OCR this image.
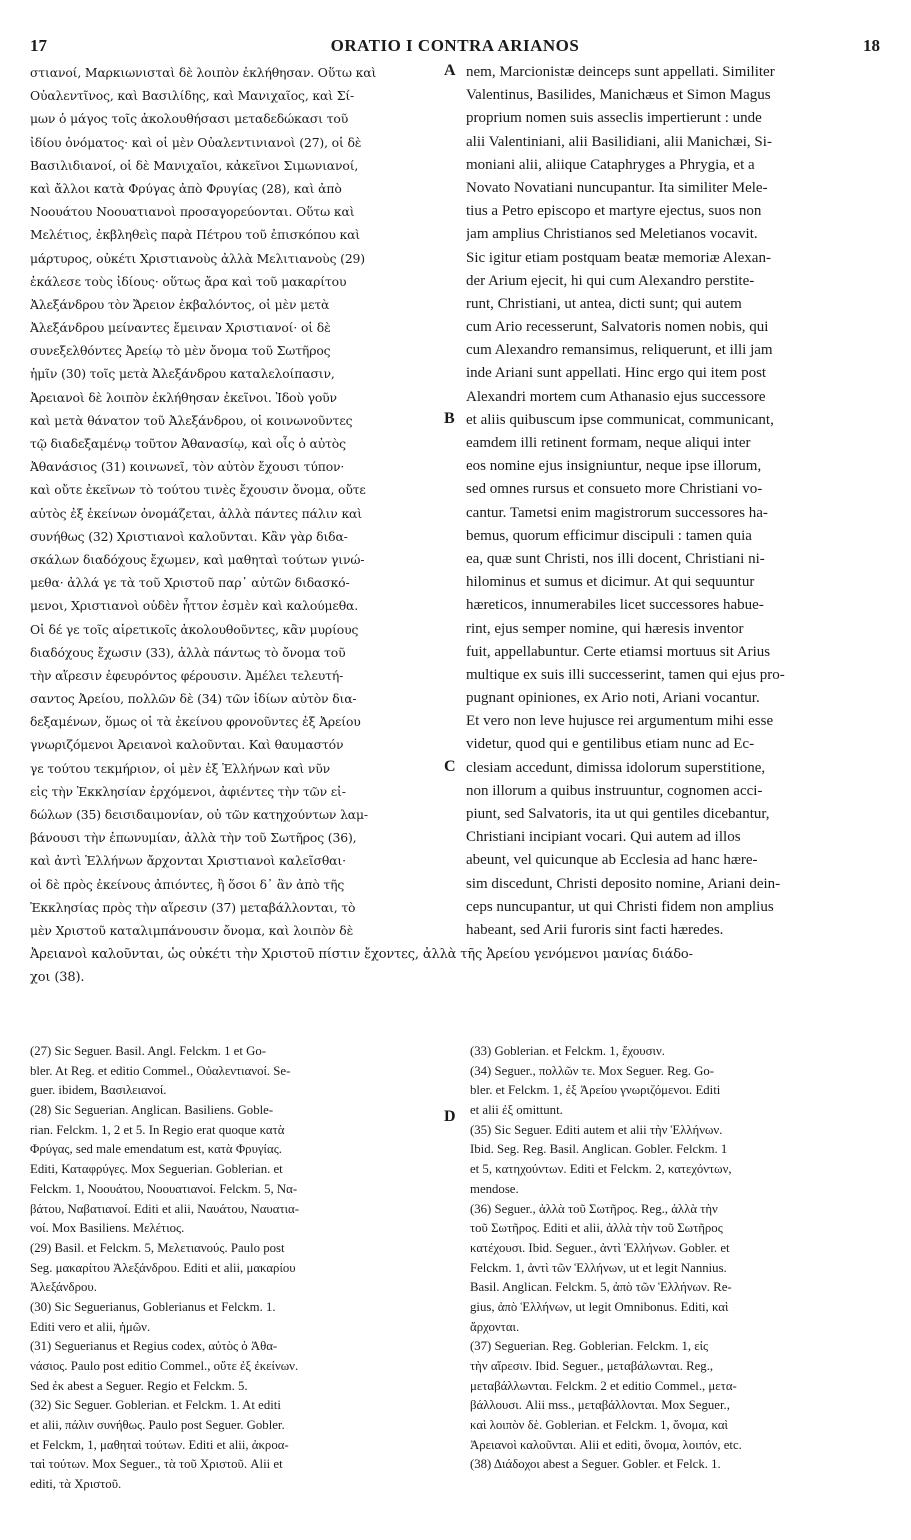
17	ORATIO I CONTRA ARIANOS	18
στιανοί, Μαρκιωνισταὶ δὲ λοιπὸν ἐκλήθησαν. Οὕτω καὶ
Οὐαλεντῖνος, καὶ Βασιλίδης, καὶ Μανιχαῖος, καὶ Σί-
μων ὁ μάγος τοῖς ἀκολουθήσασι μεταδεδώκασι τοῦ
ἰδίου ὀνόματος· καὶ οἱ μὲν Οὐαλεντινιανοὶ (27), οἱ δὲ
Βασιλιδιανοί, οἱ δὲ Μανιχαῖοι, κἀκεῖνοι Σιμωνιανοί,
καὶ ἄλλοι κατὰ Φρύγας ἀπὸ Φρυγίας (28), καὶ ἀπὸ
Νοουάτου Νοουατιανοὶ προσαγορεύονται. Οὕτω καὶ
Μελέτιος, ἐκβληθεὶς παρὰ Πέτρου τοῦ ἐπισκόπου καὶ
μάρτυρος, οὐκέτι Χριστιανοὺς ἀλλὰ Μελιτιανοὺς (29)
ἐκάλεσε τοὺς ἰδίους· οὕτως ἄρα καὶ τοῦ μακαρίτου
Ἀλεξάνδρου τὸν Ἄρειον ἐκβαλόντος, οἱ μὲν μετὰ
Ἀλεξάνδρου μείναντες ἔμειναν Χριστιανοί· οἱ δὲ
συνεξελθόντες Ἀρείῳ τὸ μὲν ὄνομα τοῦ Σωτῆρος
ἡμῖν (30) τοῖς μετὰ Ἀλεξάνδρου καταλελοίπασιν,
Ἀρειανοὶ δὲ λοιπὸν ἐκλήθησαν ἐκεῖνοι. Ἰδοὺ γοῦν
καὶ μετὰ θάνατον τοῦ Ἀλεξάνδρου, οἱ κοινωνοῦντες
τῷ διαδεξαμένῳ τοῦτον Ἀθανασίῳ, καὶ οἷς ὁ αὐτὸς
Ἀθανάσιος (31) κοινωνεῖ, τὸν αὐτὸν ἔχουσι τύπον·
καὶ οὔτε ἐκεῖνων τὸ τούτου τινὲς ἔχουσιν ὄνομα, οὔτε
αὐτὸς ἐξ ἐκείνων ὀνομάζεται, ἀλλὰ πάντες πάλιν καὶ
συνήθως (32) Χριστιανοὶ καλοῦνται. Κἂν γὰρ διδα-
σκάλων διαδόχους ἔχωμεν, καὶ μαθηταὶ τούτων γινώ-
μεθα· ἀλλά γε τὰ τοῦ Χριστοῦ παρ᾽ αὐτῶν διδασκό-
μενοι, Χριστιανοὶ οὐδὲν ἧττον ἐσμὲν καὶ καλούμεθα.
Οἱ δέ γε τοῖς αἱρετικοῖς ἀκολουθοῦντες, κἂν μυρίους
διαδόχους ἔχωσιν (33), ἀλλὰ πάντως τὸ ὄνομα τοῦ
τὴν αἵρεσιν ἐφευρόντος φέρουσιν. Ἀμέλει τελευτή-
σαντος Ἀρείου, πολλῶν δὲ (34) τῶν ἰδίων αὐτὸν δια-
δεξαμένων, ὅμως οἱ τὰ ἐκείνου φρονοῦντες ἐξ Ἀρείου
γνωριζόμενοι Ἀρειανοὶ καλοῦνται. Καὶ θαυμαστόν
γε τούτου τεκμήριον, οἱ μὲν ἐξ Ἑλλήνων καὶ νῦν
εἰς τὴν Ἐκκλησίαν ἐρχόμενοι, ἀφιέντες τὴν τῶν εἰ-
δώλων (35) δεισιδαιμονίαν, οὐ τῶν κατηχούντων λαμ-
βάνουσι τὴν ἐπωνυμίαν, ἀλλὰ τὴν τοῦ Σωτῆρος (36),
καὶ ἀντὶ Ἑλλήνων ἄρχονται Χριστιανοὶ καλεῖσθαι·
οἱ δὲ πρὸς ἐκείνους ἀπιόντες, ἢ ὅσοι δ᾽ ἂν ἀπὸ τῆς
Ἐκκλησίας πρὸς τὴν αἵρεσιν (37) μεταβάλλονται, τὸ
μὲν Χριστοῦ καταλιμπάνουσιν ὄνομα, καὶ λοιπὸν δὲ
nem, Marcionistæ deinceps sunt appellati. Similiter
Valentinus, Basilides, Manichæus et Simon Magus
proprium nomen suis asseclis impertierunt : unde
alii Valentiniani, alii Basilidiani, alii Manichæi, Si-
moniani alii, aliique Cataphryges a Phrygia, et a
Novato Novatiani nuncupantur. Ita similiter Mele-
tius a Petro episcopo et martyre ejectus, suos non
jam amplius Christianos sed Meletianos vocavit.
Sic igitur etiam postquam beatæ memoriæ Alexan-
der Arium ejecit, hi qui cum Alexandro perstite-
runt, Christiani, ut antea, dicti sunt; qui autem
cum Ario recesserunt, Salvatoris nomen nobis, qui
cum Alexandro remansimus, reliquerunt, et illi jam
inde Ariani sunt appellati. Hinc ergo qui item post
Alexandri mortem cum Athanasio ejus successore
et aliis quibuscum ipse communicat, communicant,
eamdem illi retinent formam, neque aliqui inter
eos nomine ejus insigniuntur, neque ipse illorum,
sed omnes rursus et consueto more Christiani vo-
cantur. Tametsi enim magistrorum successores ha-
bemus, quorum efficimur discipuli : tamen quia
ea, quæ sunt Christi, nos illi docent, Christiani ni-
hilominus et sumus et dicimur. At qui sequuntur
hæreticos, innumerabiles licet successores habue-
rint, ejus semper nomine, qui hæresis inventor
fuit, appellabuntur. Certe etiamsi mortuus sit Arius
multique ex suis illi successerint, tamen qui ejus pro-
pugnant opiniones, ex Ario noti, Ariani vocantur.
Et vero non leve hujusce rei argumentum mihi esse
videtur, quod qui e gentilibus etiam nunc ad Ec-
clesiam accedunt, dimissa idolorum superstitione,
non illorum a quibus instruuntur, cognomen acci-
piunt, sed Salvatoris, ita ut qui gentiles dicebantur,
Christiani incipiant vocari. Qui autem ad illos
abeunt, vel quicunque ab Ecclesia ad hanc hære-
sim discedunt, Christi deposito nomine, Ariani dein-
ceps nuncupantur, ut qui Christi fidem non amplius
habeant, sed Arii furoris sint facti hæredes.
Ἀρειανοὶ καλοῦνται, ὡς οὐκέτι τὴν Χριστοῦ πίστιν ἔχοντες, ἀλλὰ τῆς Ἀρείου γενόμενοι μανίας διάδο-
χοι (38).
A
B
C
D
(27) Sic Seguer. Basil. Angl. Felckm. 1 et Go-
bler. At Reg. et editio Commel., Οὐαλεντιανοί. Se-
guer. ibidem, Βασιλειανοί.
(28) Sic Seguerian. Anglican. Basiliens. Goble-
rian. Felckm. 1, 2 et 5. In Regio erat quoque κατὰ
Φρύγας, sed male emendatum est, κατὰ Φρυγίας.
Editi, Καταφρύγες. Mox Seguerian. Goblerian. et
Felckm. 1, Νοουάτου, Νοουατιανοί. Felckm. 5, Να-
βάτου, Ναβατιανοί. Editi et alii, Ναυάτου, Ναυατια-
νοί. Mox Basiliens. Μελέτιος.
(29) Basil. et Felckm. 5, Μελετιανούς. Paulo post
Seg. μακαρίτου Ἀλεξάνδρου. Editi et alii, μακαρίου
Ἀλεξάνδρου.
(30) Sic Seguerianus, Goblerianus et Felckm. 1.
Editi vero et alii, ἡμῶν.
(31) Seguerianus et Regius codex, αὐτὸς ὁ Ἀθα-
νάσιος. Paulo post editio Commel., οὔτε ἐξ ἐκείνων.
Sed ἐκ abest a Seguer. Regio et Felckm. 5.
(32) Sic Seguer. Goblerian. et Felckm. 1. At editi
et alii, πάλιν συνήθως. Paulo post Seguer. Gobler.
et Felckm, 1, μαθηταὶ τούτων. Editi et alii, ἀκροα-
ταὶ τούτων. Mox Seguer., τὰ τοῦ Χριστοῦ. Alii et
editi, τὰ Χριστοῦ.
(33) Goblerian. et Felckm. 1, ἔχουσιν.
(34) Seguer., πολλῶν τε. Mox Seguer. Reg. Go-
bler. et Felckm. 1, ἐξ Ἀρείου γνωριζόμενοι. Editi
et alii ἐξ omittunt.
(35) Sic Seguer. Editi autem et alii τὴν Ἑλλήνων.
Ibid. Seg. Reg. Basil. Anglican. Gobler. Felckm. 1
et 5, κατηχούντων. Editi et Felckm. 2, κατεχόντων,
mendose.
(36) Seguer., ἀλλὰ τοῦ Σωτῆρος. Reg., ἀλλὰ τὴν
τοῦ Σωτῆρος. Editi et alii, ἀλλὰ τὴν τοῦ Σωτῆρος
κατέχουσι. Ibid. Seguer., ἀντὶ Ἑλλήνων. Gobler. et
Felckm. 1, ἀντὶ τῶν Ἑλλήνων, ut et legit Nannius.
Basil. Anglican. Felckm. 5, ἀπὸ τῶν Ἑλλήνων. Re-
gius, ἀπὸ Ἑλλήνων, ut legit Omnibonus. Editi, καὶ
ἄρχονται.
(37) Seguerian. Reg. Goblerian. Felckm. 1, εἰς
τὴν αἵρεσιν. Ibid. Seguer., μεταβάλωνται. Reg.,
μεταβάλλωνται. Felckm. 2 et editio Commel., μετα-
βάλλουσι. Alii mss., μεταβάλλονται. Mox Seguer.,
καὶ λοιπὸν δὲ. Goblerian. et Felckm. 1, ὄνομα, καὶ
Ἀρειανοὶ καλοῦνται. Alii et editi, ὄνομα, λοιπόν, etc.
(38) Διάδοχοι abest a Seguer. Gobler. et Felck. 1.
